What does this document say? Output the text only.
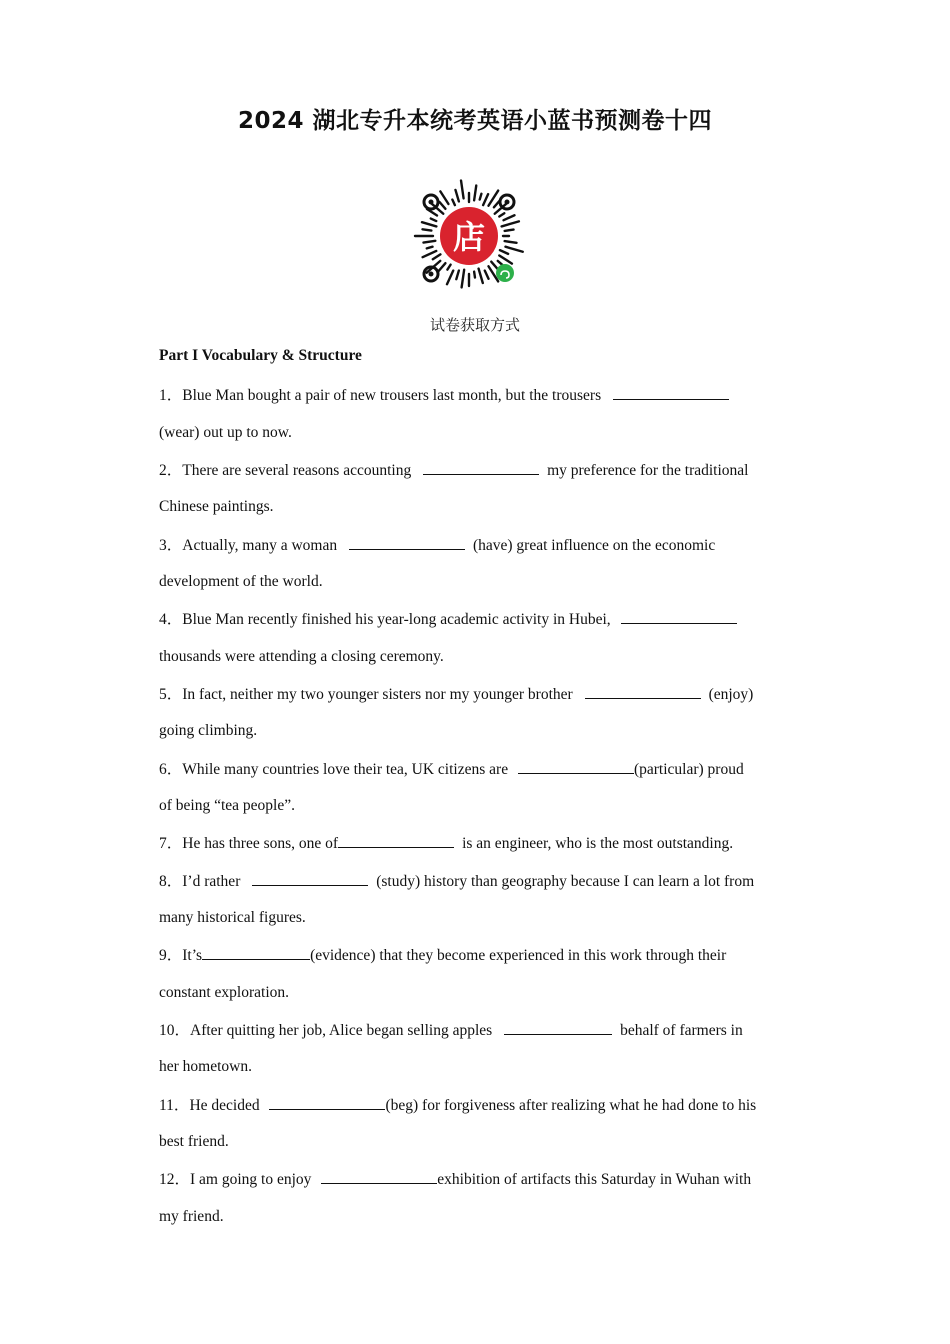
2024 湖北专升本统考英语小蓝书预测卷十四
店
试卷获取方式
Part I Vocabulary & Structure
1．Blue Man bought a pair of new trousers last month, but the trousers
(wear) out up to now.
2．There are several reasons accounting	my preference for the traditional
Chinese paintings.
3．Actually, many a woman	(have) great influence on the economic
development of the world.
4．Blue Man recently finished his year-long academic activity in Hubei,
thousands were attending a closing ceremony.
5．In fact, neither my two younger sisters nor my younger brother	(enjoy)
going climbing.
6．While many countries love their tea, UK citizens are	(particular) proud
of being “tea people”.
7．He has three sons, one of	is an engineer, who is the most outstanding.
8．I’d rather	(study) history than geography because I can learn a lot from
many historical figures.
9．It’s	(evidence) that they become experienced in this work through their
constant exploration.
10．After quitting her job, Alice began selling apples	behalf of farmers in
her hometown.
11．He decided	(beg) for forgiveness after realizing what he had done to his
best friend.
12．I am going to enjoy	exhibition of artifacts this Saturday in Wuhan with
my friend.
